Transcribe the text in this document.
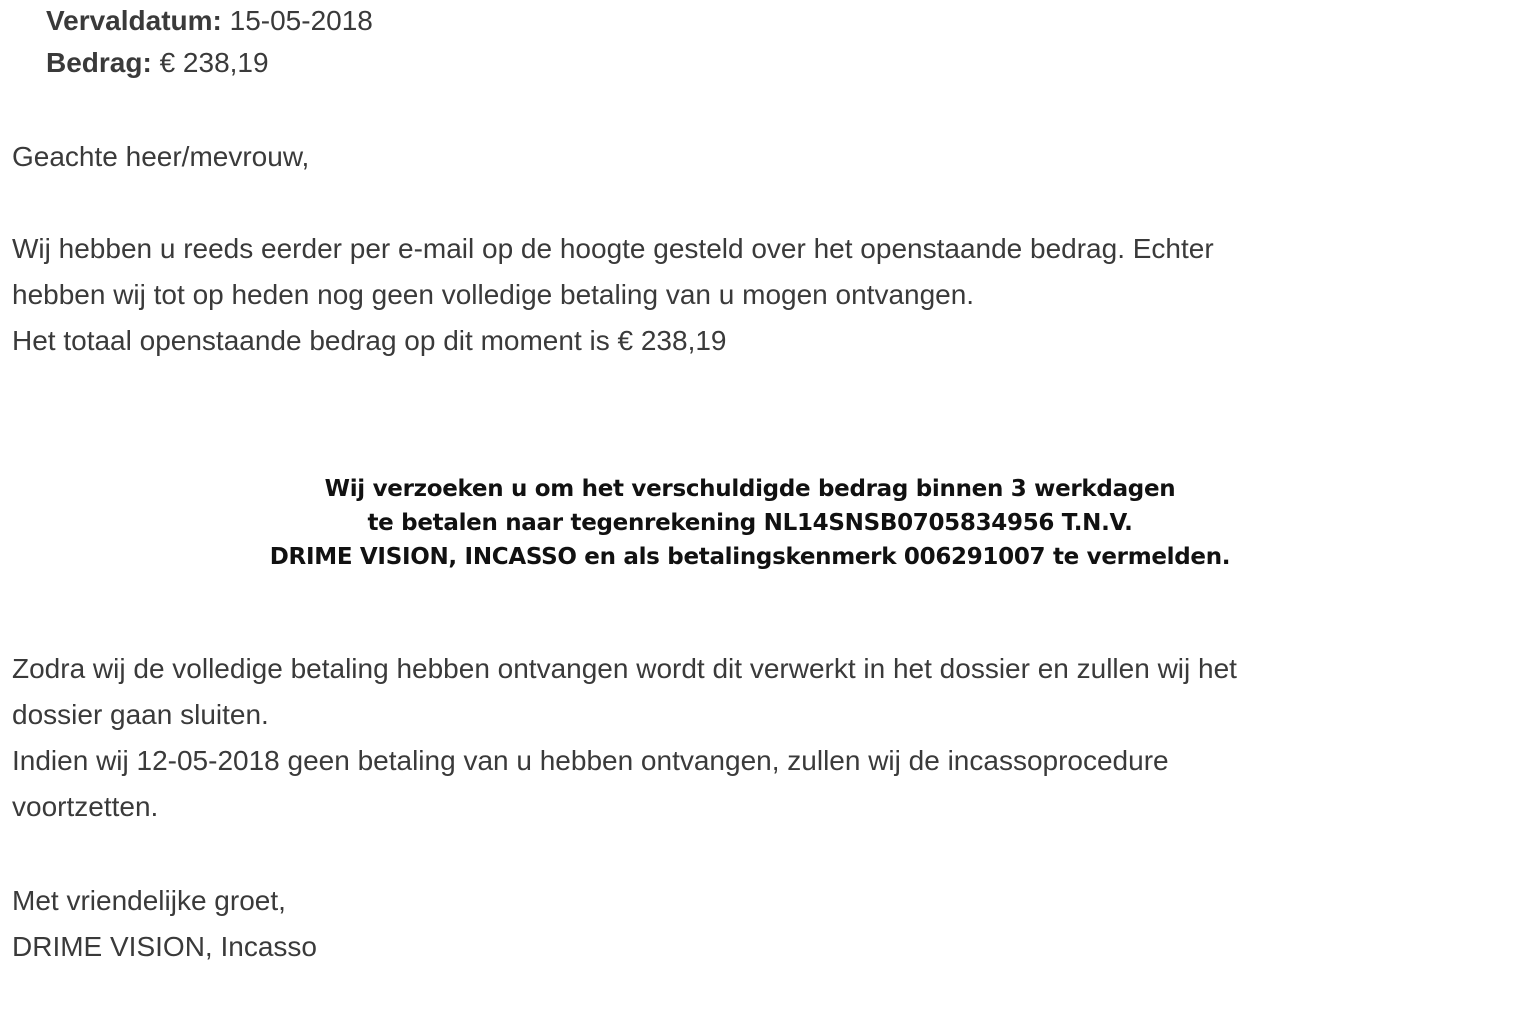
Vervaldatum: 15-05-2018
Bedrag: € 238,19
Geachte heer/mevrouw,
Wij hebben u reeds eerder per e-mail op de hoogte gesteld over het openstaande bedrag. Echter
hebben wij tot op heden nog geen volledige betaling van u mogen ontvangen.
Het totaal openstaande bedrag op dit moment is € 238,19
Wij verzoeken u om het verschuldigde bedrag binnen 3 werkdagen
te betalen naar tegenrekening NL14SNSB0705834956 T.N.V.
DRIME VISION, INCASSO en als betalingskenmerk 006291007 te vermelden.
Zodra wij de volledige betaling hebben ontvangen wordt dit verwerkt in het dossier en zullen wij het
dossier gaan sluiten.
Indien wij 12-05-2018 geen betaling van u hebben ontvangen, zullen wij de incassoprocedure
voortzetten.
Met vriendelijke groet,
DRIME VISION, Incasso
